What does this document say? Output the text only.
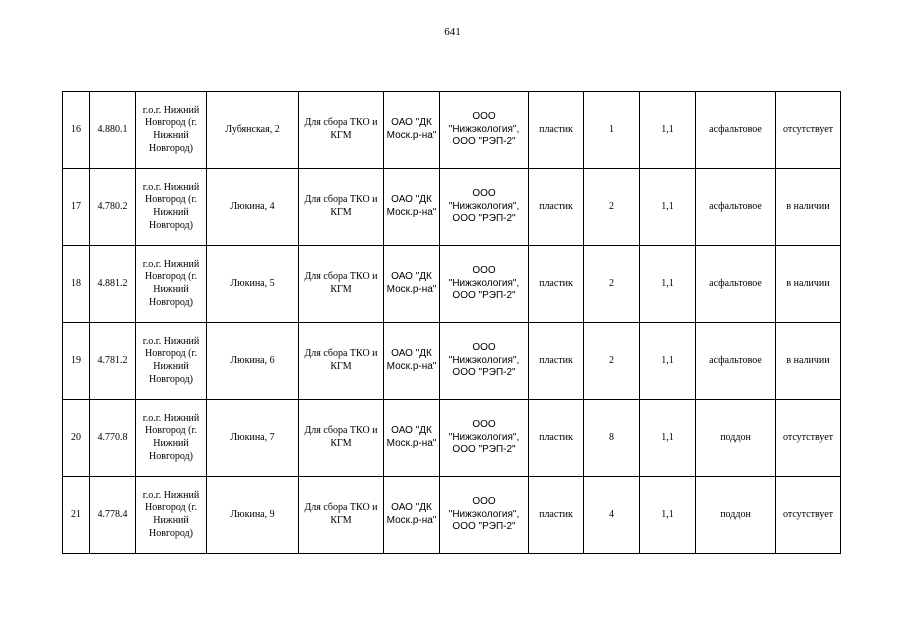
641
16	4.880.1	г.о.г. Нижний Новгород (г. Нижний Новгород)	Лубянская, 2	Для сбора ТКО и КГМ	ОАО "ДК Моск.р-на"	ООО "Нижэкология", ООО "РЭП-2"	пластик	1	1,1	асфальтовое	отсутствует
17	4.780.2	г.о.г. Нижний Новгород (г. Нижний Новгород)	Люкина, 4	Для сбора ТКО и КГМ	ОАО "ДК Моск.р-на"	ООО "Нижэкология", ООО "РЭП-2"	пластик	2	1,1	асфальтовое	в наличии
18	4.881.2	г.о.г. Нижний Новгород (г. Нижний Новгород)	Люкина, 5	Для сбора ТКО и КГМ	ОАО "ДК Моск.р-на"	ООО "Нижэкология", ООО "РЭП-2"	пластик	2	1,1	асфальтовое	в наличии
19	4.781.2	г.о.г. Нижний Новгород (г. Нижний Новгород)	Люкина, 6	Для сбора ТКО и КГМ	ОАО "ДК Моск.р-на"	ООО "Нижэкология", ООО "РЭП-2"	пластик	2	1,1	асфальтовое	в наличии
20	4.770.8	г.о.г. Нижний Новгород (г. Нижний Новгород)	Люкина, 7	Для сбора ТКО и КГМ	ОАО "ДК Моск.р-на"	ООО "Нижэкология", ООО "РЭП-2"	пластик	8	1,1	поддон	отсутствует
21	4.778.4	г.о.г. Нижний Новгород (г. Нижний Новгород)	Люкина, 9	Для сбора ТКО и КГМ	ОАО "ДК Моск.р-на"	ООО "Нижэкология", ООО "РЭП-2"	пластик	4	1,1	поддон	отсутствует
